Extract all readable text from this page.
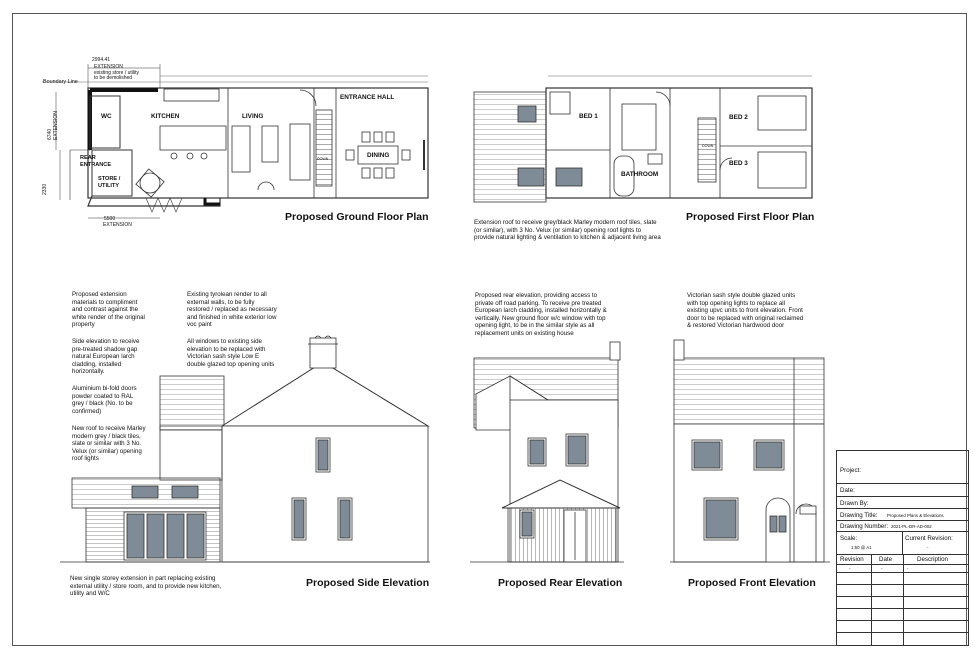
2994.41
EXTENSION
existing store / utility
to be demolished
Boundary Line
WC	KITCHEN	LIVING
ENTRANCE HALL
DINING
REAR
ENTRANCE
STORE /
UTILITY
6740 EXTENSION
2330
5500
EXTENSION
DOWN
Proposed Ground Floor Plan
BED 1	BED 2
BED 3
BATHROOM
DOWN
Extension roof to receive grey/black Marley modern roof tiles, slate
(or similar), with 3 No. Velux (or similar) opening roof lights to
provide natural lighting & ventilation to kitchen & adjacent living area
Proposed First Floor Plan
Proposed extension
materials to compliment
and contrast against the
white render of the original
property
Side elevation to receive
pre-treated shadow gap
natural European larch
cladding, installed
horizontally.
Aluminium bi-fold doors
powder coated to RAL
grey / black (No. to be
confirmed)
New roof to receive Marley
modern grey / black tiles,
slate or similar with 3 No.
Velux (or similar) opening
roof lights
Existing tyrolean render to all
external walls, to be fully
restored / replaced as necessary
and finished in white exterior low
voc paint
All windows to existing side
elevation to be replaced with
Victorian sash style Low E
double glazed top opening units
New single storey extension in part replacing existing
external utility / store room, and to provide new kitchen,
utility and W/C
Proposed Side Elevation
Proposed rear elevation, providing access to
private off road parking. To receive pre treated
European larch cladding, installed horizontally &
vertically. New ground floor w/c window with top
opening light, to be in the similar style as all
replacement units on existing house
Proposed Rear Elevation
Victorian sash style double glazed units
with top opening lights to replace all
existing upvc units to front elevation. Front
door to be replaced with original reclaimed
& restored Victorian hardwood door
Proposed Front Elevation
Project:
Date:
Drawn By:
Drawing Title: Proposed Plans & Elevations
Drawing Number: 2021-PL-DR-AD-002
Scale:
1:50 @ A1
Current Revision:
-
Revision Date	Description
-	-	-
